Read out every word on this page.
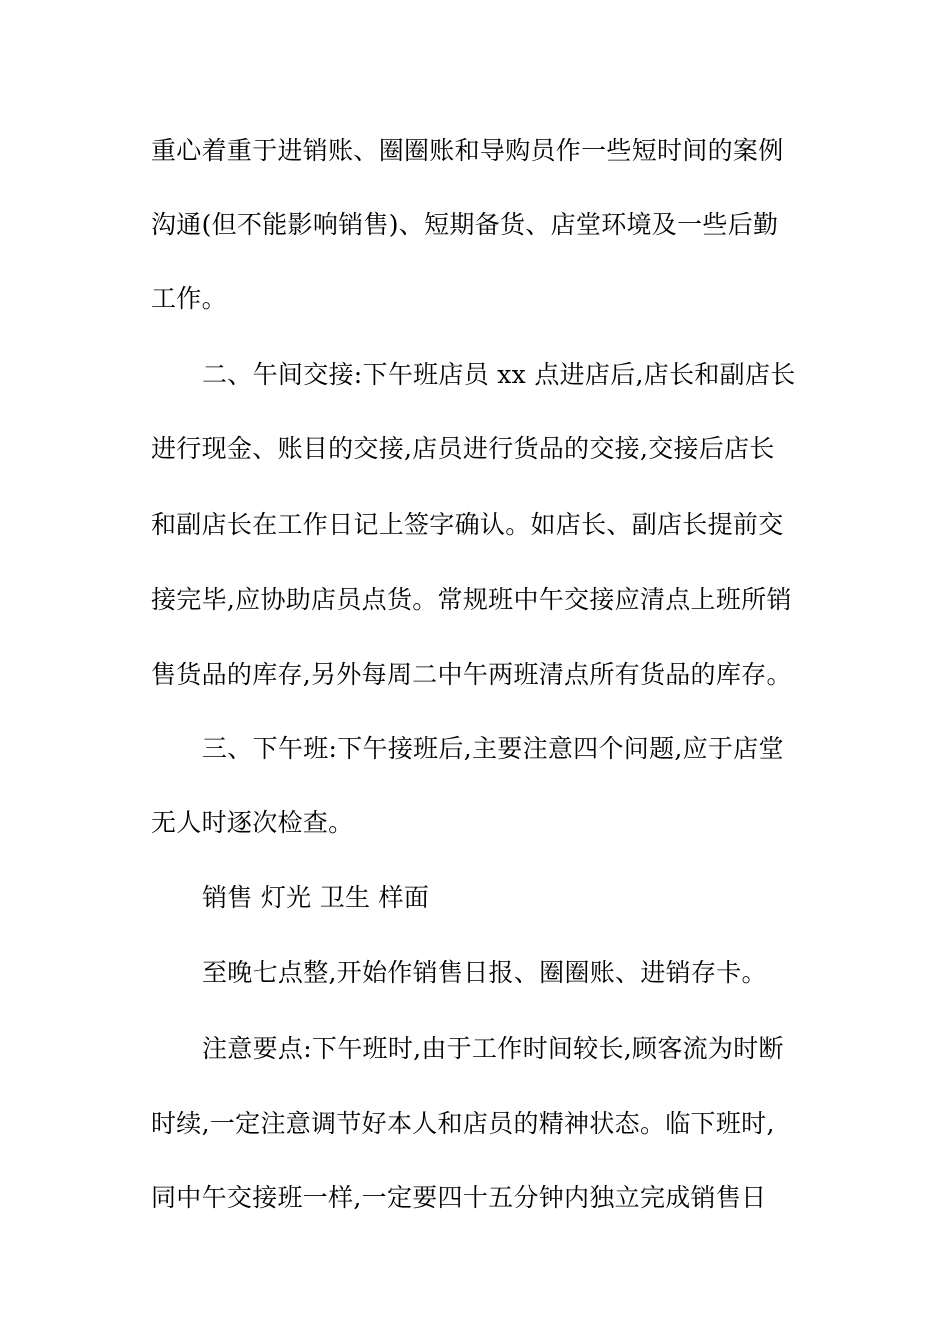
重心着重于进销账、圈圈账和导购员作一些短时间的案例
沟通(但不能影响销售)、短期备货、店堂环境及一些后勤
工作。
二、午间交接:下午班店员 xx 点进店后,店长和副店长
进行现金、账目的交接,店员进行货品的交接,交接后店长
和副店长在工作日记上签字确认。如店长、副店长提前交
接完毕,应协助店员点货。常规班中午交接应清点上班所销
售货品的库存,另外每周二中午两班清点所有货品的库存。
三、下午班:下午接班后,主要注意四个问题,应于店堂
无人时逐次检查。
销售 灯光 卫生 样面
至晚七点整,开始作销售日报、圈圈账、进销存卡。
注意要点:下午班时,由于工作时间较长,顾客流为时断
时续,一定注意调节好本人和店员的精神状态。临下班时,
同中午交接班一样,一定要四十五分钟内独立完成销售日
